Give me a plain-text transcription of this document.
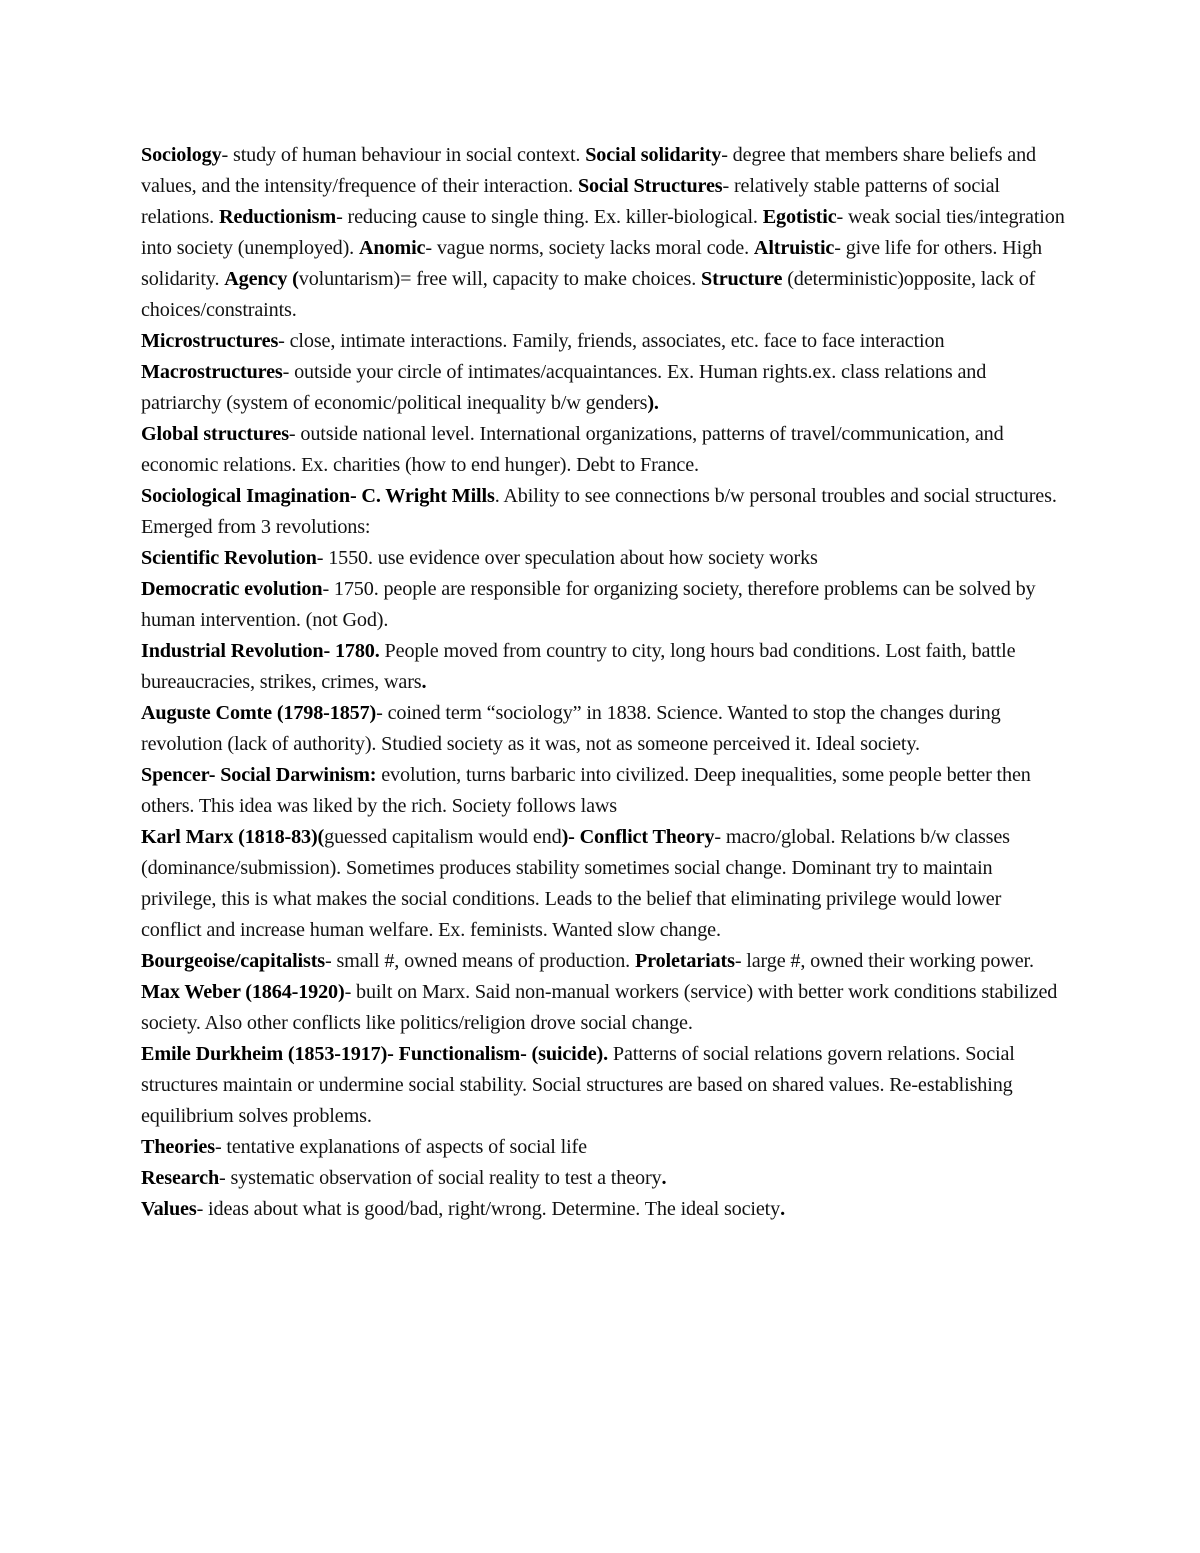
Sociology- study of human behaviour in social context. Social solidarity- degree that members share beliefs and values, and the intensity/frequence of their interaction. Social Structures- relatively stable patterns of social relations. Reductionism- reducing cause to single thing. Ex. killer-biological. Egotistic- weak social ties/integration into society (unemployed). Anomic- vague norms, society lacks moral code. Altruistic- give life for others. High solidarity. Agency (voluntarism)= free will, capacity to make choices. Structure (deterministic)opposite, lack of choices/constraints.

Microstructures- close, intimate interactions. Family, friends, associates, etc. face to face interaction

Macrostructures- outside your circle of intimates/acquaintances. Ex. Human rights.ex. class relations and patriarchy (system of economic/political inequality b/w genders).

Global structures- outside national level. International organizations, patterns of travel/communication, and economic relations. Ex. charities (how to end hunger). Debt to France.

Sociological Imagination- C. Wright Mills. Ability to see connections b/w personal troubles and social structures. Emerged from 3 revolutions:

Scientific Revolution- 1550. use evidence over speculation about how society works

Democratic evolution- 1750. people are responsible for organizing society, therefore problems can be solved by human intervention. (not God).

Industrial Revolution- 1780. People moved from country to city, long hours bad conditions. Lost faith, battle bureaucracies, strikes, crimes, wars.

Auguste Comte (1798-1857)- coined term “sociology” in 1838. Science. Wanted to stop the changes during revolution (lack of authority). Studied society as it was, not as someone perceived it. Ideal society.

Spencer- Social Darwinism: evolution, turns barbaric into civilized. Deep inequalities, some people better then others. This idea was liked by the rich. Society follows laws

Karl Marx (1818-83)(guessed capitalism would end)- Conflict Theory- macro/global. Relations b/w classes (dominance/submission). Sometimes produces stability sometimes social change. Dominant try to maintain privilege, this is what makes the social conditions. Leads to the belief that eliminating privilege would lower conflict and increase human welfare. Ex. feminists. Wanted slow change.

Bourgeoise/capitalists- small #, owned means of production. Proletariats- large #, owned their working power.

Max Weber (1864-1920)- built on Marx. Said non-manual workers (service) with better work conditions stabilized society. Also other conflicts like politics/religion drove social change.

Emile Durkheim (1853-1917)- Functionalism- (suicide). Patterns of social relations govern relations. Social structures maintain or undermine social stability. Social structures are based on shared values. Re-establishing equilibrium solves problems.

Theories- tentative explanations of aspects of social life

Research- systematic observation of social reality to test a theory.

Values- ideas about what is good/bad, right/wrong. Determine. The ideal society.
